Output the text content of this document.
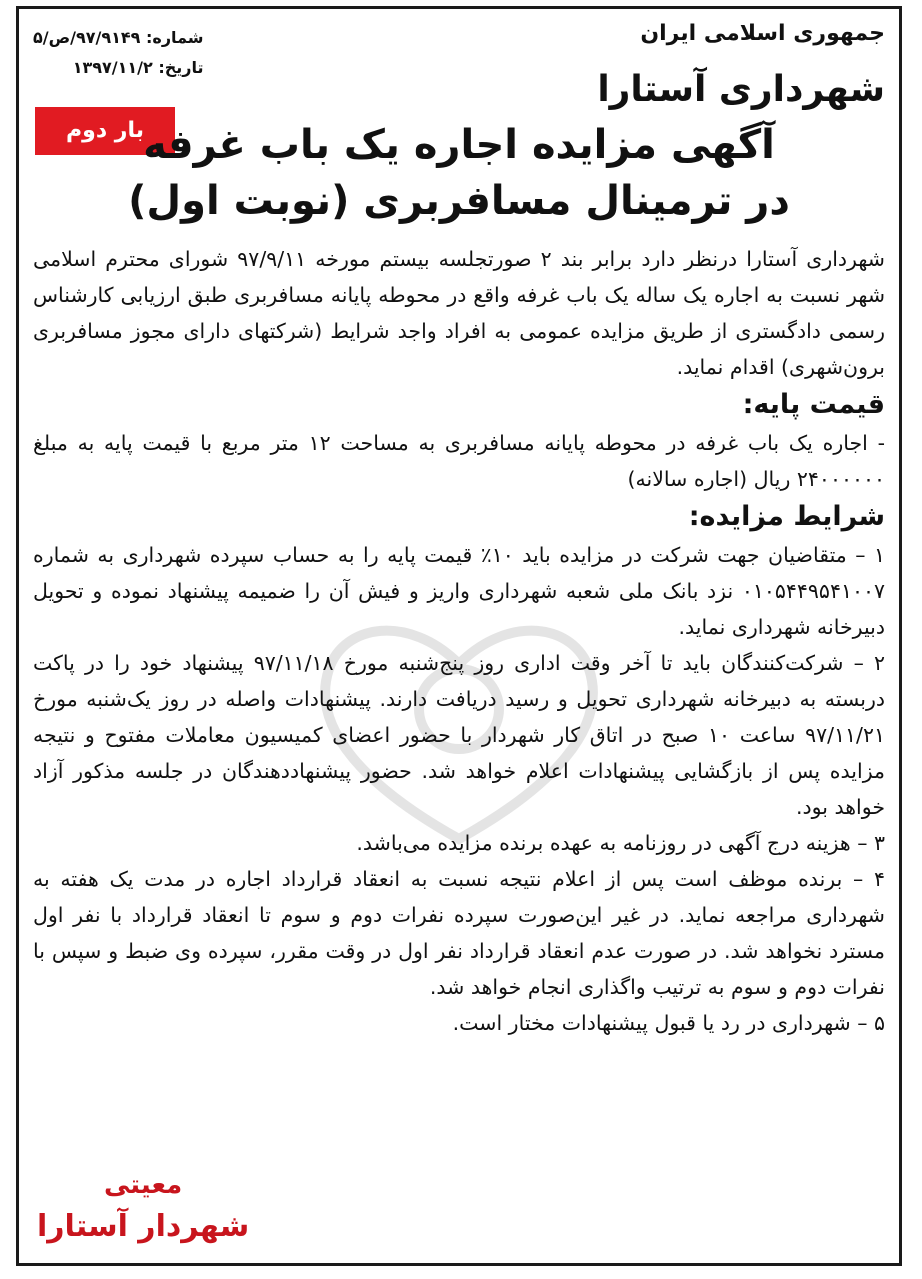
جمهوری اسلامی ایران
شهرداری آستارا
شماره: ۹۷/۹۱۴۹/ص/۵
تاریخ: ۱۳۹۷/۱۱/۲
بار دوم آگهی مزایده اجاره یک باب غرفه
در ترمینال مسافربری (نوبت اول)

شهرداری آستارا درنظر دارد برابر بند ۲ صورتجلسه بیستم مورخه ۹۷/۹/۱۱ شورای محترم اسلامی شهر نسبت به اجاره یک ساله یک باب غرفه واقع در محوطه پایانه مسافربری طبق ارزیابی کارشناس رسمی دادگستری از طریق مزایده عمومی به افراد واجد شرایط (شرکتهای دارای مجوز مسافربری برون‌شهری) اقدام نماید.

قیمت پایه:

- اجاره یک باب غرفه در محوطه پایانه مسافربری به مساحت ۱۲ متر مربع با قیمت پایه به مبلغ ۲۴۰۰۰۰۰۰ ریال (اجاره سالانه)

شرایط مزایده:

۱ – متقاضیان جهت شرکت در مزایده باید ۱۰٪ قیمت پایه را به حساب سپرده شهرداری به شماره ۰۱۰۵۴۴۹۵۴۱۰۰۷ نزد بانک ملی شعبه شهرداری واریز و فیش آن را ضمیمه پیشنهاد نموده و تحویل دبیرخانه شهرداری نماید.

۲ – شرکت‌کنندگان باید تا آخر وقت اداری روز پنج‌شنبه مورخ ۹۷/۱۱/۱۸ پیشنهاد خود را در پاکت دربسته به دبیرخانه شهرداری تحویل و رسید دریافت دارند. پیشنهادات واصله در روز یک‌شنبه مورخ ۹۷/۱۱/۲۱ ساعت ۱۰ صبح در اتاق کار شهردار با حضور اعضای کمیسیون معاملات مفتوح و نتیجه مزایده پس از بازگشایی پیشنهادات اعلام خواهد شد. حضور پیشنهاددهندگان در جلسه مذکور آزاد خواهد بود.

۳ – هزینه درج آگهی در روزنامه به عهده برنده مزایده می‌باشد.

۴ – برنده موظف است پس از اعلام نتیجه نسبت به انعقاد قرارداد اجاره در مدت یک هفته به شهرداری مراجعه نماید. در غیر این‌صورت سپرده نفرات دوم و سوم تا انعقاد قرارداد با نفر اول مسترد نخواهد شد. در صورت عدم انعقاد قرارداد نفر اول در وقت مقرر، سپرده وی ضبط و سپس با نفرات دوم و سوم به ترتیب واگذاری انجام خواهد شد.

۵ – شهرداری در رد یا قبول پیشنهادات مختار است.

معیتی
شهردار آستارا
